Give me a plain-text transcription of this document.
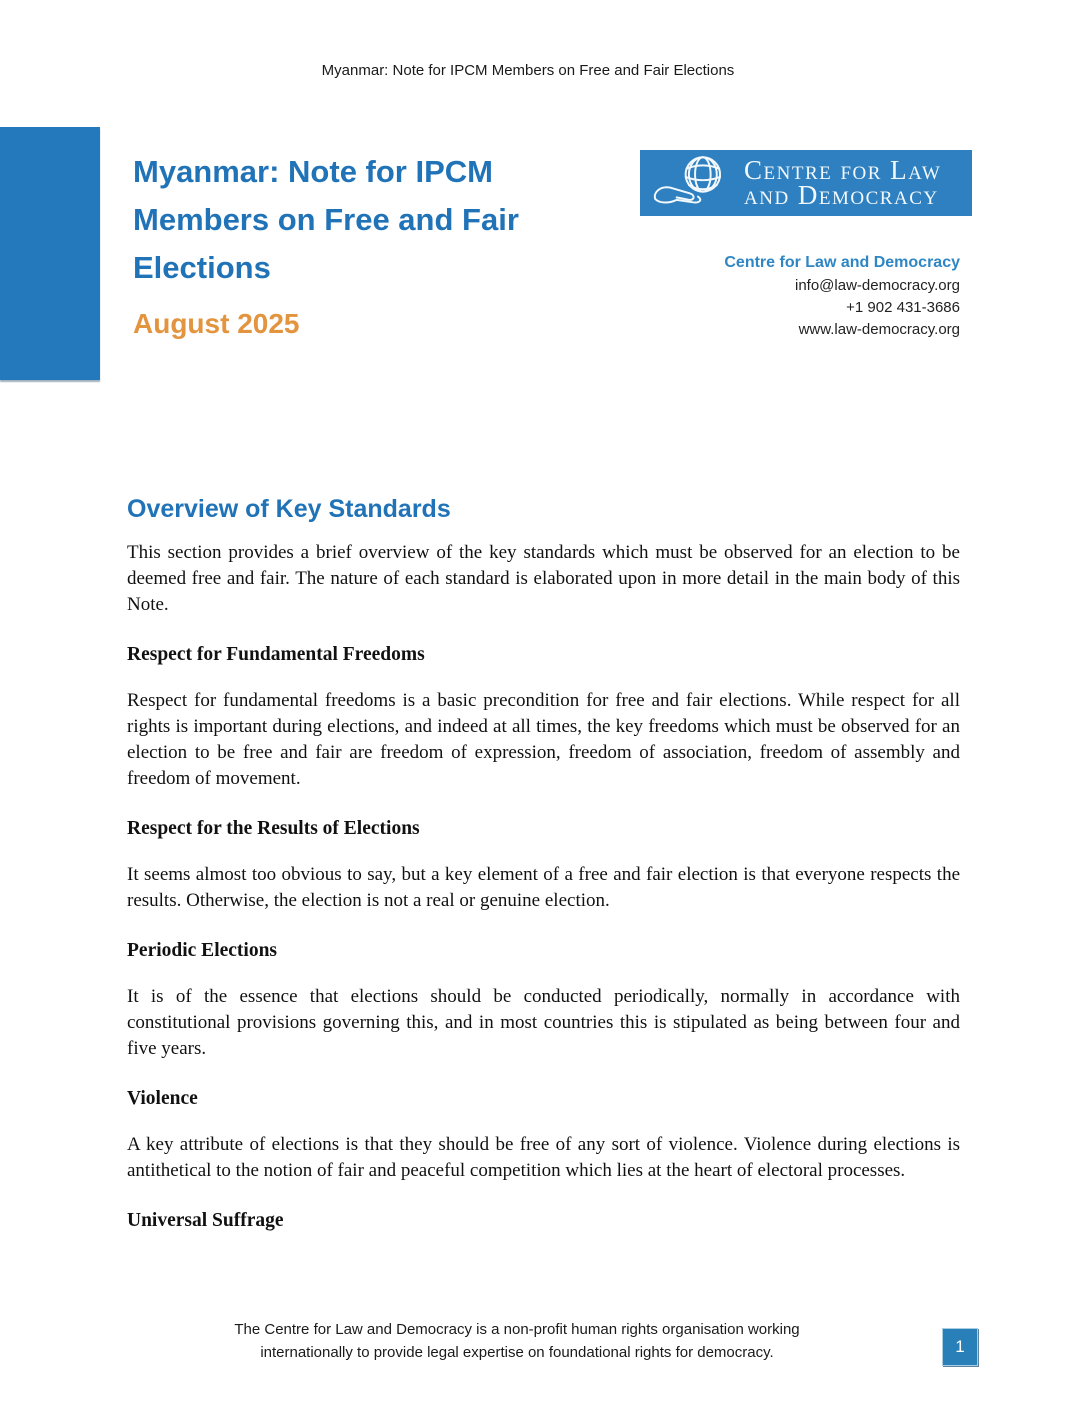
Myanmar: Note for IPCM Members on Free and Fair Elections
Myanmar: Note for IPCM Members on Free and Fair Elections
August 2025
Centre for Law
and Democracy
Centre for Law and Democracy
info@law-democracy.org
+1 902 431-3686
www.law-democracy.org
Overview of Key Standards

This section provides a brief overview of the key standards which must be observed for an election to be deemed free and fair. The nature of each standard is elaborated upon in more detail in the main body of this Note.

Respect for Fundamental Freedoms

Respect for fundamental freedoms is a basic precondition for free and fair elections. While respect for all rights is important during elections, and indeed at all times, the key freedoms which must be observed for an election to be free and fair are freedom of expression, freedom of association, freedom of assembly and freedom of movement.

Respect for the Results of Elections

It seems almost too obvious to say, but a key element of a free and fair election is that everyone respects the results. Otherwise, the election is not a real or genuine election.

Periodic Elections

It is of the essence that elections should be conducted periodically, normally in accordance with constitutional provisions governing this, and in most countries this is stipulated as being between four and five years.

Violence

A key attribute of elections is that they should be free of any sort of violence. Violence during elections is antithetical to the notion of fair and peaceful competition which lies at the heart of electoral processes.

Universal Suffrage
The Centre for Law and Democracy is a non-profit human rights organisation working
internationally to provide legal expertise on foundational rights for democracy.	1
